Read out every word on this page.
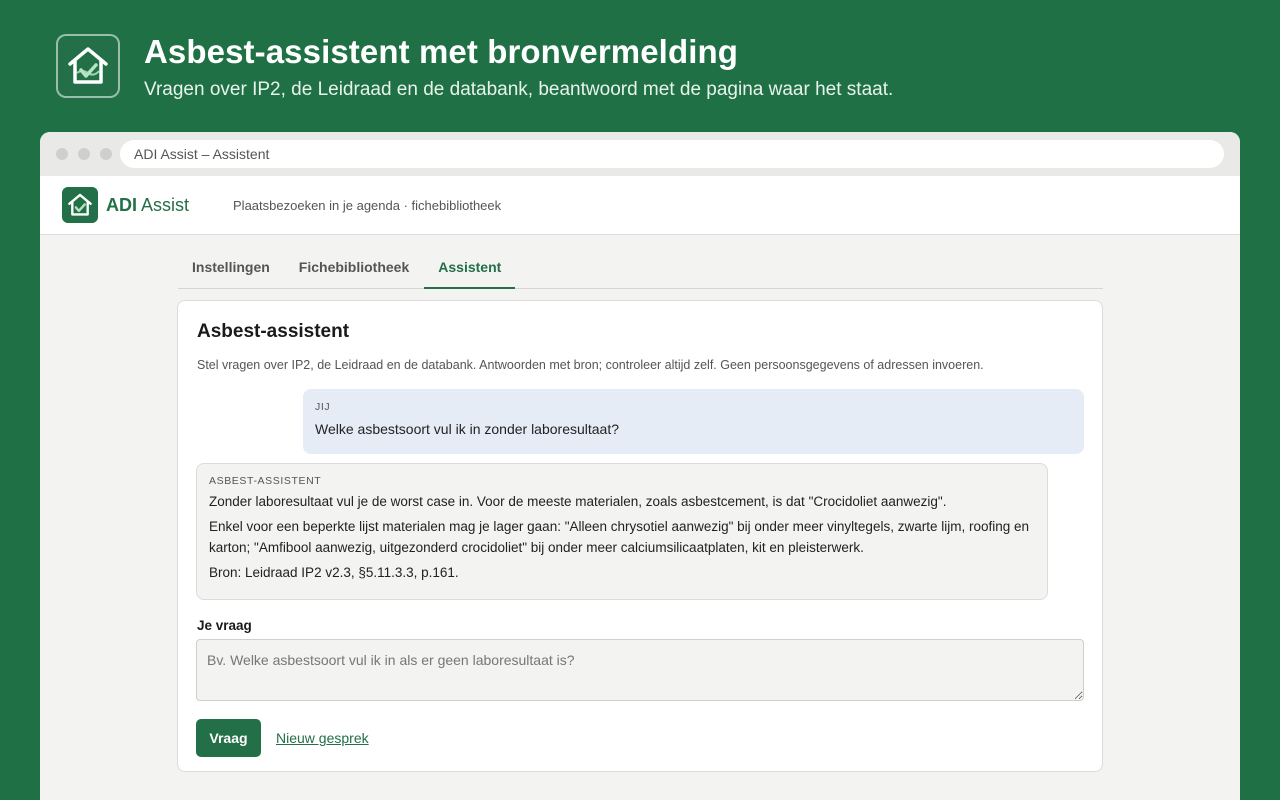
Asbest-assistent met bronvermelding
Vragen over IP2, de Leidraad en de databank, beantwoord met de pagina waar het staat.
ADI Assist – Assistent
ADI Assist	Plaatsbezoeken in je agenda · fichebibliotheek
Instellingen	Fichebibliotheek	Assistent
Asbest-assistent
Stel vragen over IP2, de Leidraad en de databank. Antwoorden met bron; controleer altijd zelf. Geen persoonsgegevens of adressen invoeren.
JIJ
Welke asbestsoort vul ik in zonder laboresultaat?
ASBEST-ASSISTENT

Zonder laboresultaat vul je de worst case in. Voor de meeste materialen, zoals asbestcement, is dat "Crocidoliet aanwezig".

Enkel voor een beperkte lijst materialen mag je lager gaan: "Alleen chrysotiel aanwezig" bij onder meer vinyltegels, zwarte lijm, roofing en karton; "Amfibool aanwezig, uitgezonderd crocidoliet" bij onder meer calciumsilicaatplaten, kit en pleisterwerk.

Bron: Leidraad IP2 v2.3, §5.11.3.3, p.161.

Je vraag
Bv. Welke asbestsoort vul ik in als er geen laboresultaat is?
Vraag	Nieuw gesprek
